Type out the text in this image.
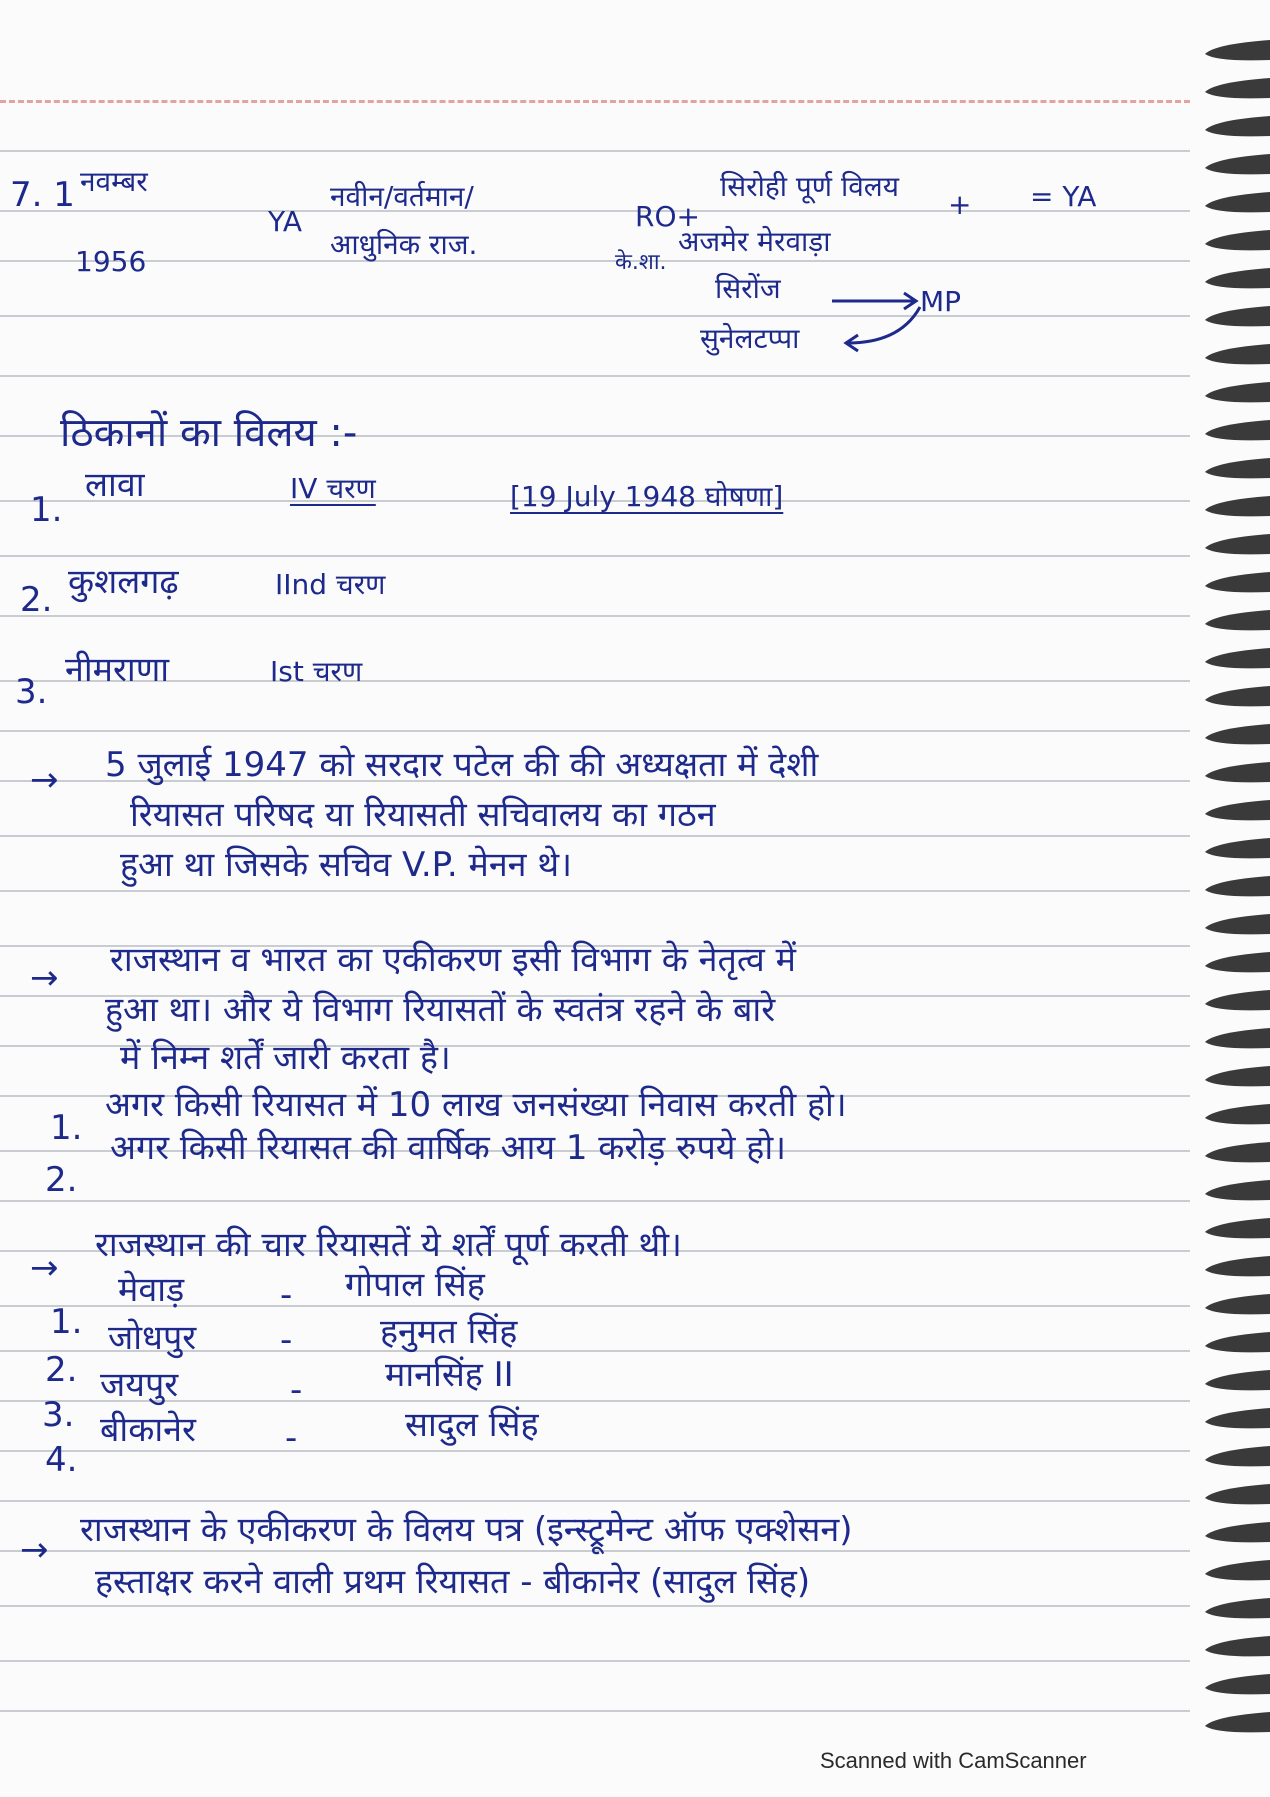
7. 1 नवम्बर
1956
YA
नवीन/वर्तमान/
आधुनिक राज.
RO+
सिरोही पूर्ण विलय
+ = YA
के.शा.
अजमेर मेरवाड़ा
सिरोंज	MP
सुनेलटप्पा
ठिकानों का विलय :-
1.
लावा	IV चरण	[19 July 1948 घोषणा]
2. कुशलगढ़	IInd चरण
3.
नीमराणा	Ist चरण
→ 5 जुलाई 1947 को सरदार पटेल की की अध्यक्षता में देशी
रियासत परिषद या रियासती सचिवालय का गठन
हुआ था जिसके सचिव V.P. मेनन थे।
→ राजस्थान व भारत का एकीकरण इसी विभाग के नेतृत्व में
हुआ था। और ये विभाग रियासतों के स्वतंत्र रहने के बारे
में निम्न शर्तें जारी करता है।
1.
अगर किसी रियासत में 10 लाख जनसंख्या निवास करती हो।
2.
अगर किसी रियासत की वार्षिक आय 1 करोड़ रुपये हो।
→
राजस्थान की चार रियासतें ये शर्तें पूर्ण करती थी।
1.
मेवाड़	- गोपाल सिंह
2.
जोधपुर -	हनुमत सिंह
3.
जयपुर	- मानसिंह II
4.
बीकानेर	-	सादुल सिंह
→ राजस्थान के एकीकरण के विलय पत्र (इन्स्ट्रूमेन्ट ऑफ एक्शेसन)
हस्ताक्षर करने वाली प्रथम रियासत - बीकानेर (सादुल सिंह)
Scanned with CamScanner
